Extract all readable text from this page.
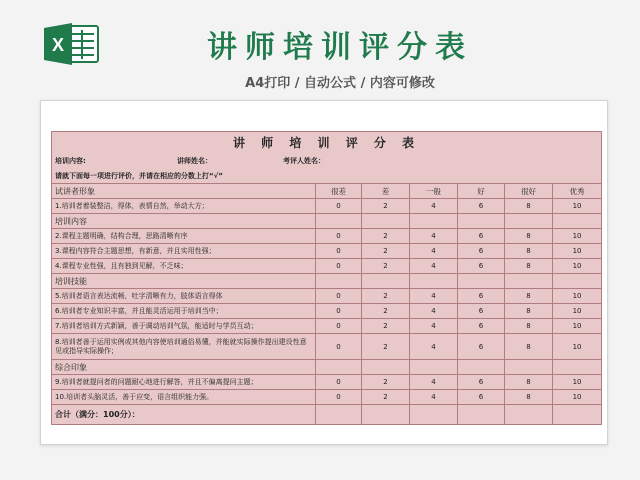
X	讲师培训评分表
A4打印 / 自动公式 / 内容可修改
讲 师 培 训 评 分 表						
培训内容: 讲师姓名： 考评人姓名：						
请就下面每一项进行评价，并请在相应的分数上打“√”						
试讲者形象	很差	差	一般	好	很好	优秀
1.培训者着装整洁，得体，表情自然，举动大方；	0	2	4	6	8	10
培训内容						
2.课程主题明确，结构合理，思路清晰有序	0	2	4	6	8	10
3.课程内容符合主题思想，有新意，并且实用性强；	0	2	4	6	8	10
4.课程专业性强，且有独到见解，不乏味；	0	2	4	6	8	10
培训技能						
5.培训者语言表达流畅，吐字清晰有力，肢体语言得体	0	2	4	6	8	10
6.培训者专业知识丰富，并且能灵活运用于培训当中；	0	2	4	6	8	10
7.培训者培训方式新颖，善于调动培训气氛，能适时与学员互动；	0	2	4	6	8	10
8.培训者善于运用实例或其他内容使培训通俗易懂，并能就实际操作提出建设性意见或指导实际操作；	0	2	4	6	8	10
综合印象						
9.培训者就提问者的问题耐心地进行解答，并且不偏离提问主题；	0	2	4	6	8	10
10.培训者头脑灵活，善于应变，语言组织能力强。	0	2	4	6	8	10
合计（满分：100分）：						
